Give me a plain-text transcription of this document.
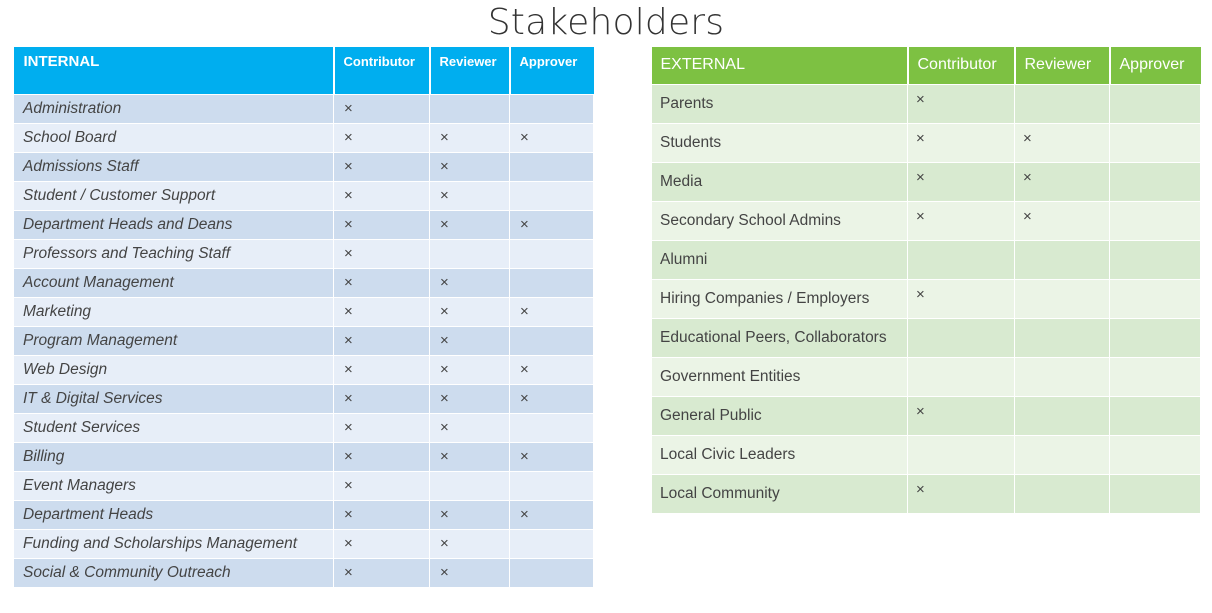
Stakeholders
INTERNAL	Contributor	Reviewer	Approver
Administration	×		
School Board	×	×	×
Admissions Staff	×	×	
Student / Customer Support	×	×	
Department Heads and Deans	×	×	×
Professors and Teaching Staff	×		
Account Management	×	×	
Marketing	×	×	×
Program Management	×	×	
Web Design	×	×	×
IT & Digital Services	×	×	×
Student Services	×	×	
Billing	×	×	×
Event Managers	×		
Department Heads	×	×	×
Funding and Scholarships Management	×	×	
Social & Community Outreach	×	×	
EXTERNAL	Contributor	Reviewer	Approver
Parents	×		
Students	×	×	
Media	×	×	
Secondary School Admins	×	×	
Alumni			
Hiring Companies / Employers	×		
Educational Peers, Collaborators			
Government Entities			
General Public	×		
Local Civic Leaders			
Local Community	×		
